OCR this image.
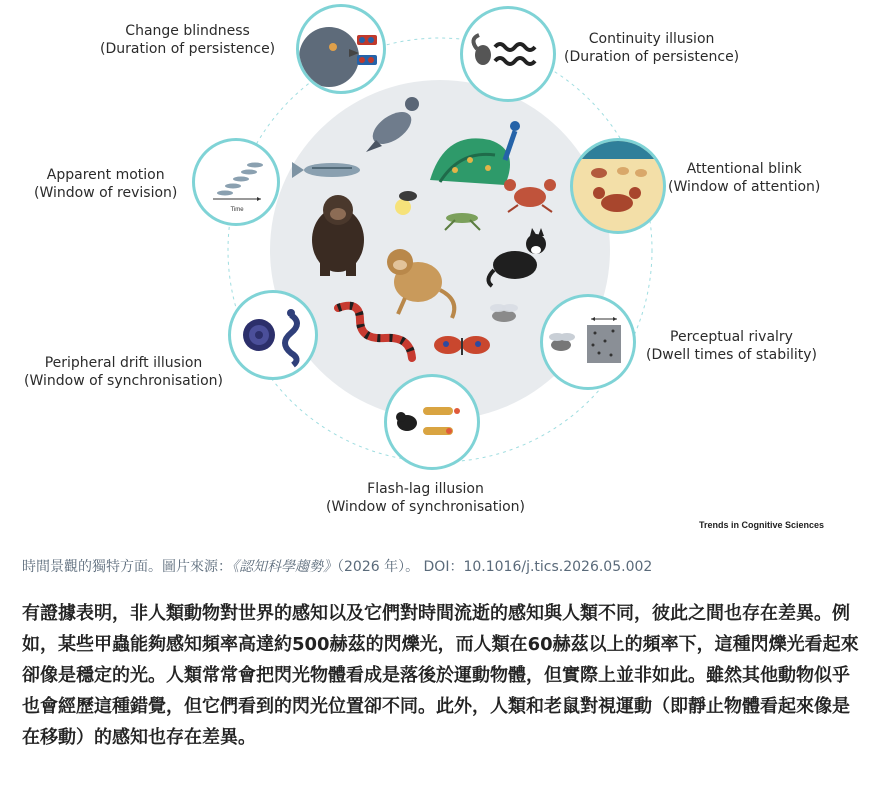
Change blindness
(Duration of persistence)
Continuity illusion
(Duration of persistence)
Time
Apparent motion
(Window of revision)
Attentional blink
(Window of attention)
Peripheral drift illusion
(Window of synchronisation)
Perceptual rivalry
(Dwell times of stability)
Flash-lag illusion
(Window of synchronisation)
Trends in Cognitive Sciences
時間景觀的獨特方面。圖片來源：《認知科學趨勢》（2026 年）。 DOI：10.1016/j.tics.2026.05.002
有證據表明，非人類動物對世界的感知以及它們對時間流逝的感知與人類不同，彼此之間也存在差異。例如，某些甲蟲能夠感知頻率高達約500赫茲的閃爍光，而人類在60赫茲以上的頻率下，這種閃爍光看起來卻像是穩定的光。人類常常會把閃光物體看成是落後於運動物體，但實際上並非如此。雖然其他動物似乎也會經歷這種錯覺，但它們看到的閃光位置卻不同。此外，人類和老鼠對視運動（即靜止物體看起來像是在移動）的感知也存在差異。
